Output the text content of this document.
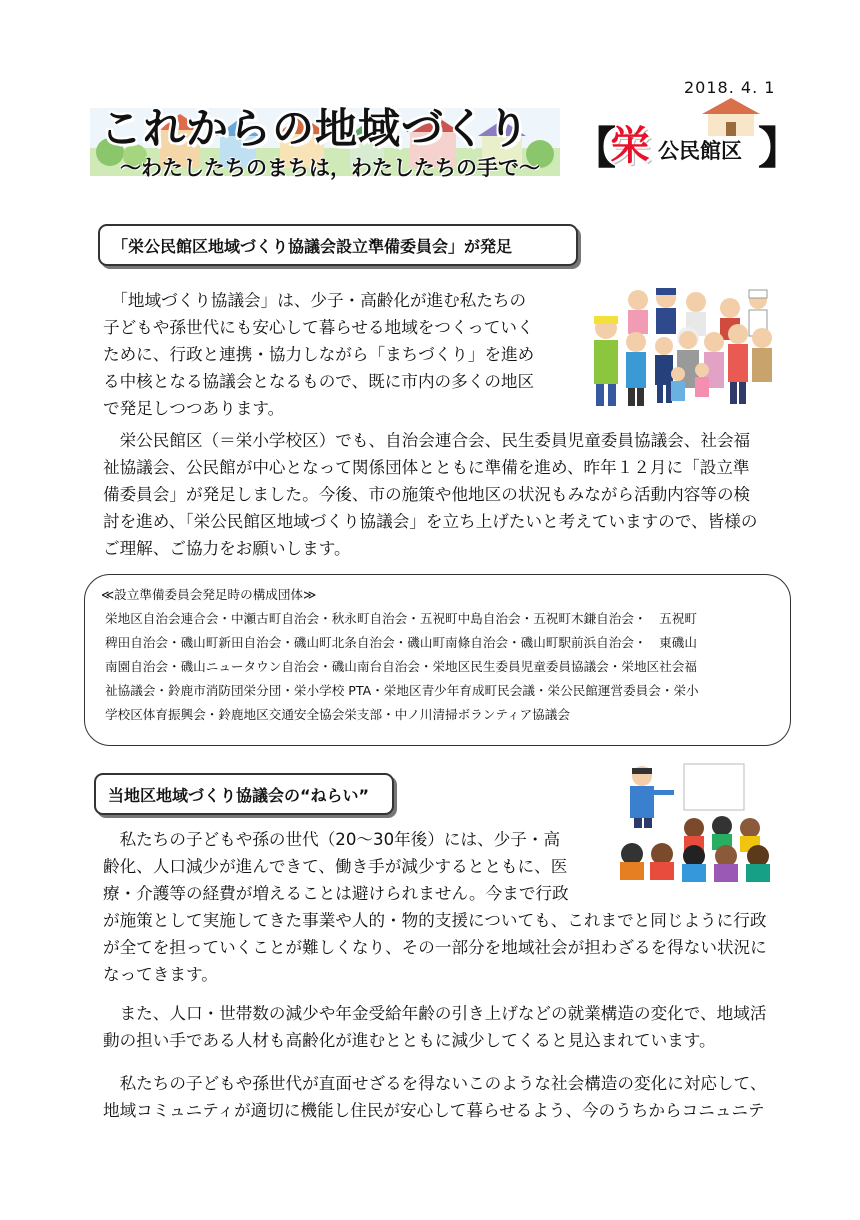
2018. 4. 1
これからの地域づくり
～わたしたちのまちは，わたしたちの手で～ 【
栄 公民館区 】
「栄公民館区地域づくり協議会設立準備委員会」が発足
　「地域づくり協議会」は、少子・高齢化が進む私たちの
子どもや孫世代にも安心して暮らせる地域をつくっていく
ために、行政と連携・協力しながら「まちづくり」を進め
る中核となる協議会となるもので、既に市内の多くの地区
で発足しつつあります。
　栄公民館区（＝栄小学校区）でも、自治会連合会、民生委員児童委員協議会、社会福
祉協議会、公民館が中心となって関係団体とともに準備を進め、昨年１２月に「設立準
備委員会」が発足しました。今後、市の施策や他地区の状況もみながら活動内容等の検
討を進め、「栄公民館区地域づくり協議会」を立ち上げたいと考えていますので、皆様の
ご理解、ご協力をお願いします。
≪設立準備委員会発足時の構成団体≫
栄地区自治会連合会・中瀬古町自治会・秋永町自治会・五祝町中島自治会・五祝町木鎌自治会・　五祝町
稗田自治会・磯山町新田自治会・磯山町北条自治会・磯山町南條自治会・磯山町駅前浜自治会・　東磯山
南園自治会・磯山ニュータウン自治会・磯山南台自治会・栄地区民生委員児童委員協議会・栄地区社会福
祉協議会・鈴鹿市消防団栄分団・栄小学校 PTA・栄地区青少年育成町民会議・栄公民館運営委員会・栄小
学校区体育振興会・鈴鹿地区交通安全協会栄支部・中ノ川清掃ボランティア協議会
当地区地域づくり協議会の“ねらい”
　私たちの子どもや孫の世代（20～30年後）には、少子・高
齢化、人口減少が進んできて、働き手が減少するとともに、医
療・介護等の経費が増えることは避けられません。今まで行政
が施策として実施してきた事業や人的・物的支援についても、これまでと同じように行政
が全てを担っていくことが難しくなり、その一部分を地域社会が担わざるを得ない状況に
なってきます。
　また、人口・世帯数の減少や年金受給年齢の引き上げなどの就業構造の変化で、地域活
動の担い手である人材も高齢化が進むとともに減少してくると見込まれています。
　私たちの子どもや孫世代が直面せざるを得ないこのような社会構造の変化に対応して、
地域コミュニティが適切に機能し住民が安心して暮らせるよう、今のうちからコニュニテ
